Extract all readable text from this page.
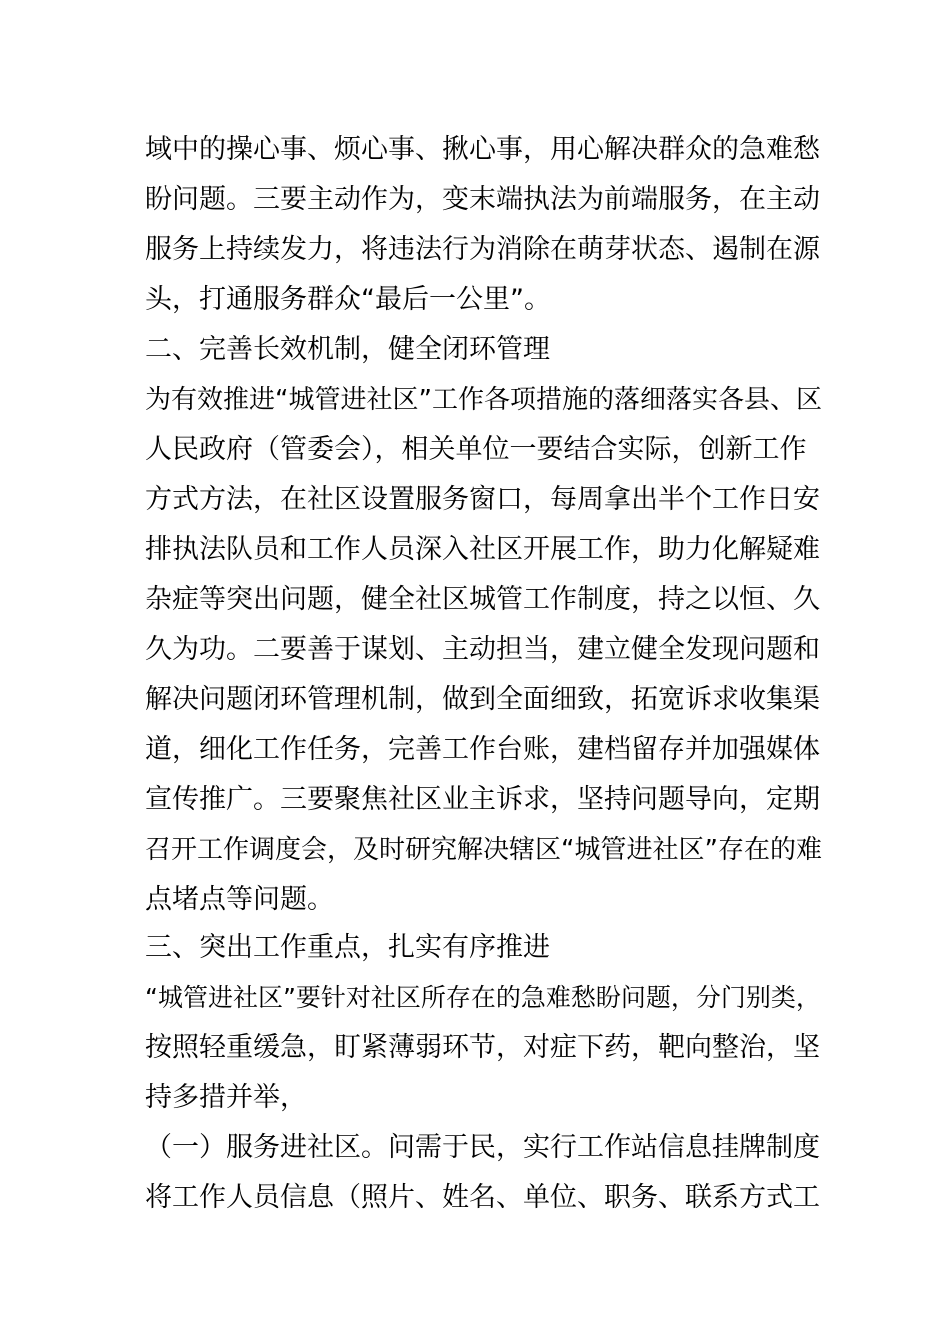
域中的操心事、烦心事、揪心事，用心解决群众的急难愁

盼问题。三要主动作为，变末端执法为前端服务，在主动

服务上持续发力，将违法行为消除在萌芽状态、遏制在源

头，打通服务群众“最后一公里”。

二、完善长效机制，健全闭环管理

为有效推进“城管进社区”工作各项措施的落细落实各县、区

人民政府（管委会），相关单位一要结合实际，创新工作

方式方法，在社区设置服务窗口，每周拿出半个工作日安

排执法队员和工作人员深入社区开展工作，助力化解疑难

杂症等突出问题，健全社区城管工作制度，持之以恒、久

久为功。二要善于谋划、主动担当，建立健全发现问题和

解决问题闭环管理机制，做到全面细致，拓宽诉求收集渠

道，细化工作任务，完善工作台账，建档留存并加强媒体

宣传推广。三要聚焦社区业主诉求，坚持问题导向，定期

召开工作调度会，及时研究解决辖区“城管进社区”存在的难

点堵点等问题。

三、突出工作重点，扎实有序推进

“城管进社区”要针对社区所存在的急难愁盼问题，分门别类，

按照轻重缓急，盯紧薄弱环节，对症下药，靶向整治，坚

持多措并举，

（一）服务进社区。问需于民，实行工作站信息挂牌制度

将工作人员信息（照片、姓名、单位、职务、联系方式工
